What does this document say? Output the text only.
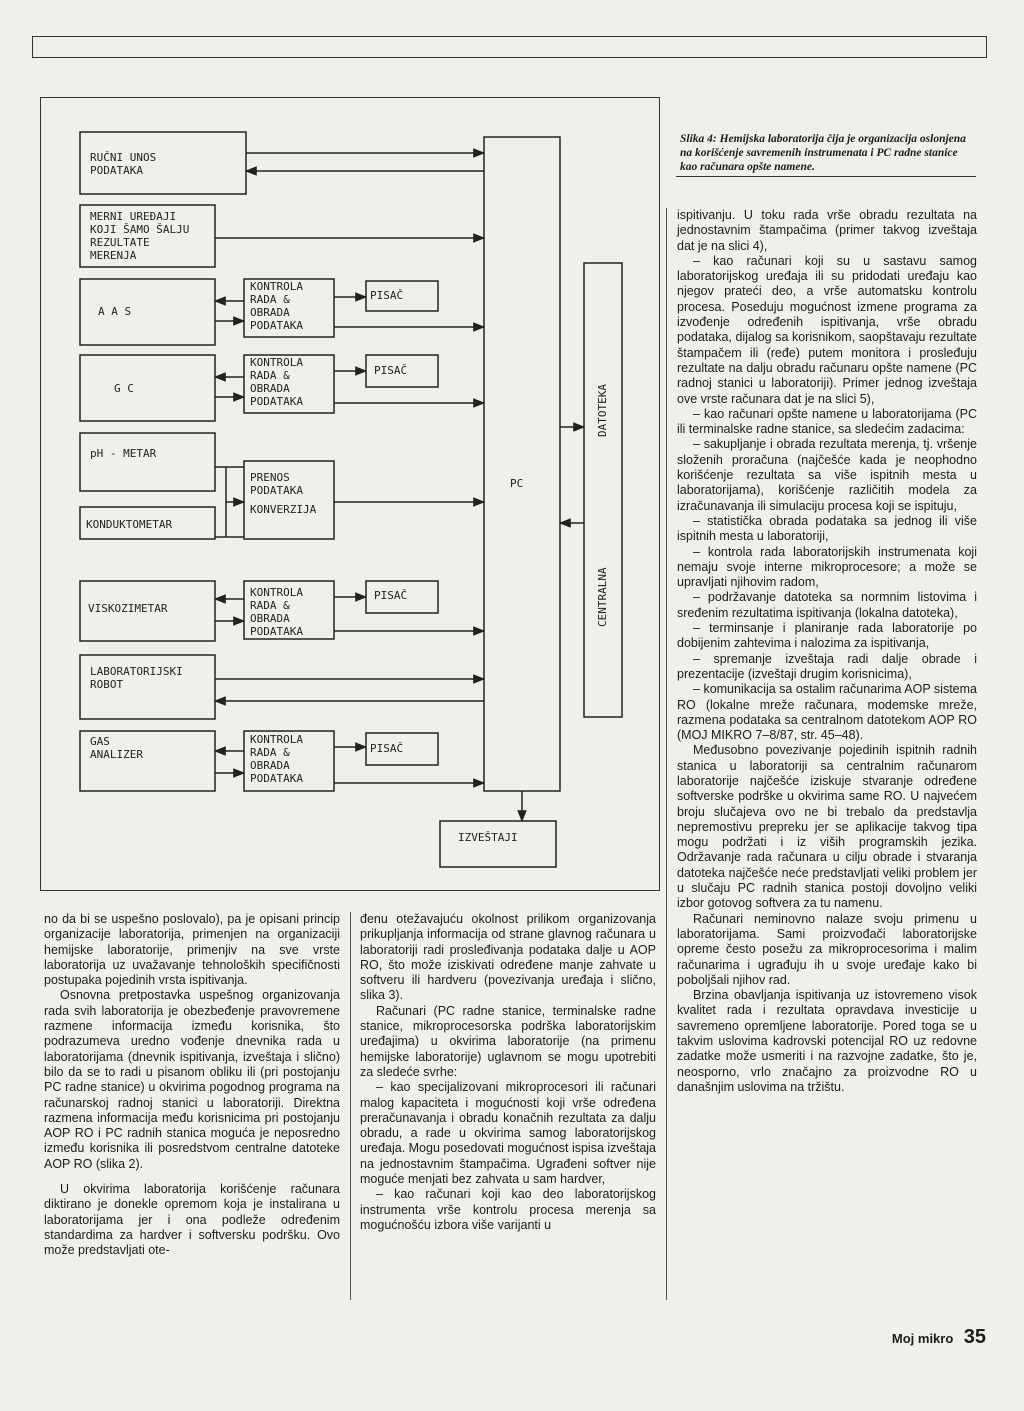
PC
DATOTEKA
CENTRALNA
IZVEŠTAJI
RUČNI UNOS
PODATAKA
MERNI UREĐAJI
KOJI ŠAMO ŠALJU
REZULTATE
MERENJA
A A S
KONTROLA
RADA &
OBRADA
PODATAKA
PISAČ
G C
KONTROLA
RADA &
OBRADA
PODATAKA
PISAČ
pH - METAR
KONDUKTOMETAR
PRENOS
PODATAKA
KONVERZIJA
VISKOZIMETAR
KONTROLA
RADA &
OBRADA
PODATAKA
PISAČ
LABORATORIJSKI
ROBOT
GAS
ANALIZER
KONTROLA
RADA &
OBRADA
PODATAKA
PISAČ

Slika 4: Hemijska laboratorija čija je organizacija oslonjena na korišćenje savremenih instrumenata i PC radne stanice kao računara opšte namene.

no da bi se uspešno poslovalo), pa je opisani princip organizacije laboratorija, primenjen na organizaciji hemijske laboratorije, primenjiv na sve vrste laboratorija uz uvažavanje tehnoloških specifičnosti postupaka pojedinih vrsta ispitivanja.

Osnovna pretpostavka uspešnog organizovanja rada svih laboratorija je obezbeđenje pravovremene razmene informacija između korisnika, što podrazumeva uredno vođenje dnevnika rada u laboratorijama (dnevnik ispitivanja, izveštaja i slično) bilo da se to radi u pisanom obliku ili (pri postojanju PC radne stanice) u okvirima pogodnog programa na računarskoj radnoj stanici u laboratoriji. Direktna razmena informacija među korisnicima pri postojanju AOP RO i PC radnih stanica moguća je neposredno između korisnika ili posredstvom centralne datoteke AOP RO (slika 2).

U okvirima laboratorija korišćenje računara diktirano je donekle opremom koja je instalirana u laboratorijama jer i ona podleže određenim standardima za hardver i softversku podršku. Ovo može predstavljati ote-

đenu otežavajuću okolnost prilikom organizovanja prikupljanja informacija od strane glavnog računara u laboratoriji radi prosleđivanja podataka dalje u AOP RO, što može iziskivati određene manje zahvate u softveru ili hardveru (povezivanja uređaja i slično, slika 3).

Računari (PC radne stanice, terminalske radne stanice, mikroprocesorska podrška laboratorijskim uređajima) u okvirima laboratorije (na primenu hemijske laboratorije) uglavnom se mogu upotrebiti za sledeće svrhe:

– kao specijalizovani mikroprocesori ili računari malog kapaciteta i mogućnosti koji vrše određena preračunavanja i obradu konačnih rezultata za dalju obradu, a rade u okvirima samog laboratorijskog uređaja. Mogu posedovati mogućnost ispisa izveštaja na jednostavnim štampačima. Ugrađeni softver nije moguće menjati bez zahvata u sam hardver,

– kao računari koji kao deo laboratorijskog instrumenta vrše kontrolu procesa merenja sa mogućnošću izbora više varijanti u

ispitivanju. U toku rada vrše obradu rezultata na jednostavnim štampačima (primer takvog izveštaja dat je na slici 4),

– kao računari koji su u sastavu samog laboratorijskog uređaja ili su pridodati uređaju kao njegov prateći deo, a vrše automatsku kontrolu procesa. Poseduju mogućnost izmene programa za izvođenje određenih ispitivanja, vrše obradu podataka, dijalog sa korisnikom, saopštavaju rezultate štampačem ili (ređe) putem monitora i prosleđuju rezultate na dalju obradu računaru opšte namene (PC radnoj stanici u laboratoriji). Primer jednog izveštaja ove vrste računara dat je na slici 5),

– kao računari opšte namene u laboratorijama (PC ili terminalske radne stanice, sa sledećim zadacima:

– sakupljanje i obrada rezultata merenja, tj. vršenje složenih proračuna (najčešće kada je neophodno korišćenje rezultata sa više ispitnih mesta u laboratorijama), korišćenje različitih modela za izračunavanja ili simulaciju procesa koji se ispituju,

– statistička obrada podataka sa jednog ili više ispitnih mesta u laboratoriji,

– kontrola rada laboratorijskih instrumenata koji nemaju svoje interne mikroprocesore; a može se upravljati njihovim radom,

– podržavanje datoteka sa normnim listovima i sređenim rezultatima ispitivanja (lokalna datoteka),

– terminsanje i planiranje rada laboratorije po dobijenim zahtevima i nalozima za ispitivanja,

– spremanje izveštaja radi dalje obrade i prezentacije (izveštaji drugim korisnicima),

– komunikacija sa ostalim računarima AOP sistema RO (lokalne mreže računara, modemske mreže, razmena podataka sa centralnom datotekom AOP RO (MOJ MIKRO 7–8/87, str. 45–48).

Međusobno povezivanje pojedinih ispitnih radnih stanica u laboratoriji sa centralnim računarom laboratorije najčešće iziskuje stvaranje određene softverske podrške u okvirima same RO. U najvećem broju slučajeva ovo ne bi trebalo da predstavlja nepremostivu prepreku jer se aplikacije takvog tipa mogu podržati i iz viših programskih jezika. Održavanje rada računara u cilju obrade i stvaranja datoteka najčešće neće predstavljati veliki problem jer u slučaju PC radnih stanica postoji dovoljno veliki izbor gotovog softvera za tu namenu.

Računari neminovno nalaze svoju primenu u laboratorijama. Sami proizvođači laboratorijske opreme često posežu za mikroprocesorima i malim računarima i ugrađuju ih u svoje uređaje kako bi poboljšali njihov rad.

Brzina obavljanja ispitivanja uz istovremeno visok kvalitet rada i rezultata opravdava investicije u savremeno opremljene laboratorije. Pored toga se u takvim uslovima kadrovski potencijal RO uz redovne zadatke može usmeriti i na razvojne zadatke, što je, neosporno, vrlo značajno za proizvodne RO u današnjim uslovima na tržištu.

Moj mikro 35
